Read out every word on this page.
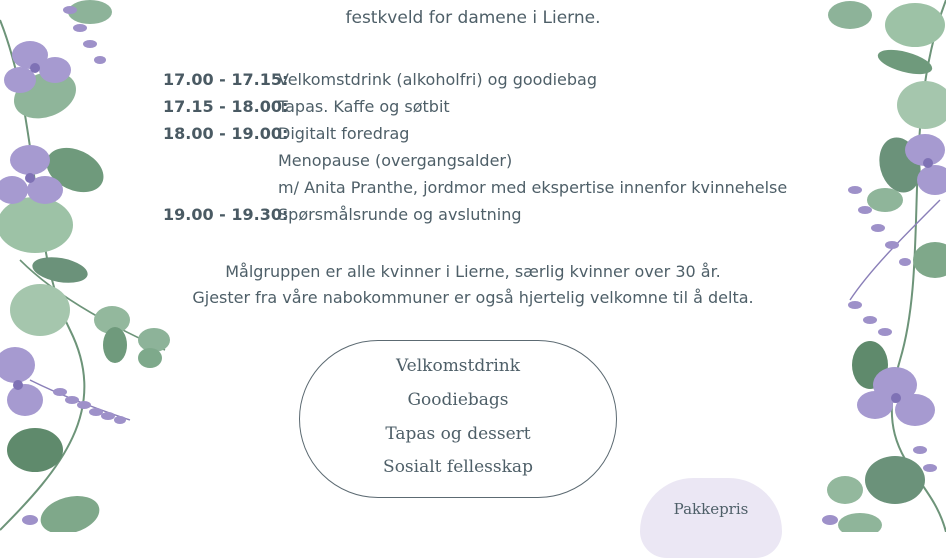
festkveld for damene i Lierne.
17.00 - 17.15:
Velkomstdrink (alkoholfri) og goodiebag
17.15 - 18.00:
Tapas. Kaffe og søtbit
18.00 - 19.00:
Digitalt foredrag
Menopause (overgangsalder)
m/ Anita Pranthe, jordmor med ekspertise innenfor kvinnehelse
19.00 - 19.30:
Spørsmålsrunde og avslutning
Målgruppen er alle kvinner i Lierne, særlig kvinner over 30 år.
Gjester fra våre nabokommuner er også hjertelig velkomne til å delta.
Velkomstdrink
Goodiebags
Tapas og dessert
Sosialt fellesskap
Pakkepris
